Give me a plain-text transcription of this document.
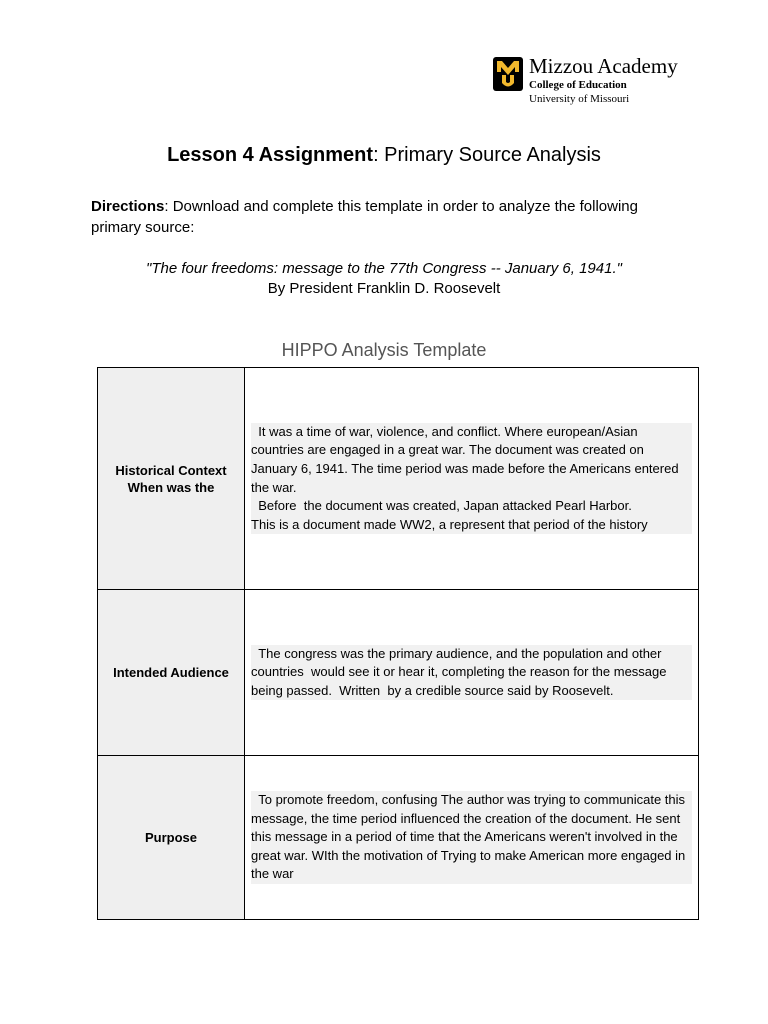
Mizzou Academy
College of Education
University of Missouri
Lesson 4 Assignment: Primary Source Analysis
Directions: Download and complete this template in order to analyze the following primary source:
"The four freedoms: message to the 77th Congress -- January 6, 1941."
By President Franklin D. Roosevelt
HIPPO Analysis Template
Historical Context When was the

It was a time of war, violence, and conflict. Where european/Asian countries are engaged in a great war. The document was created on January 6, 1941. The time period was made before the Americans entered the war.
Before  the document was created, Japan attacked Pearl Harbor.
This is a document made WW2, a represent that period of the history

Intended Audience

The congress was the primary audience, and the population and other countries  would see it or hear it, completing the reason for the message being passed.  Written  by a credible source said by Roosevelt.

Purpose

To promote freedom, confusing The author was trying to communicate this message, the time period influenced the creation of the document. He sent this message in a period of time that the Americans weren't involved in the great war. WIth the motivation of Trying to make American more engaged in the war
